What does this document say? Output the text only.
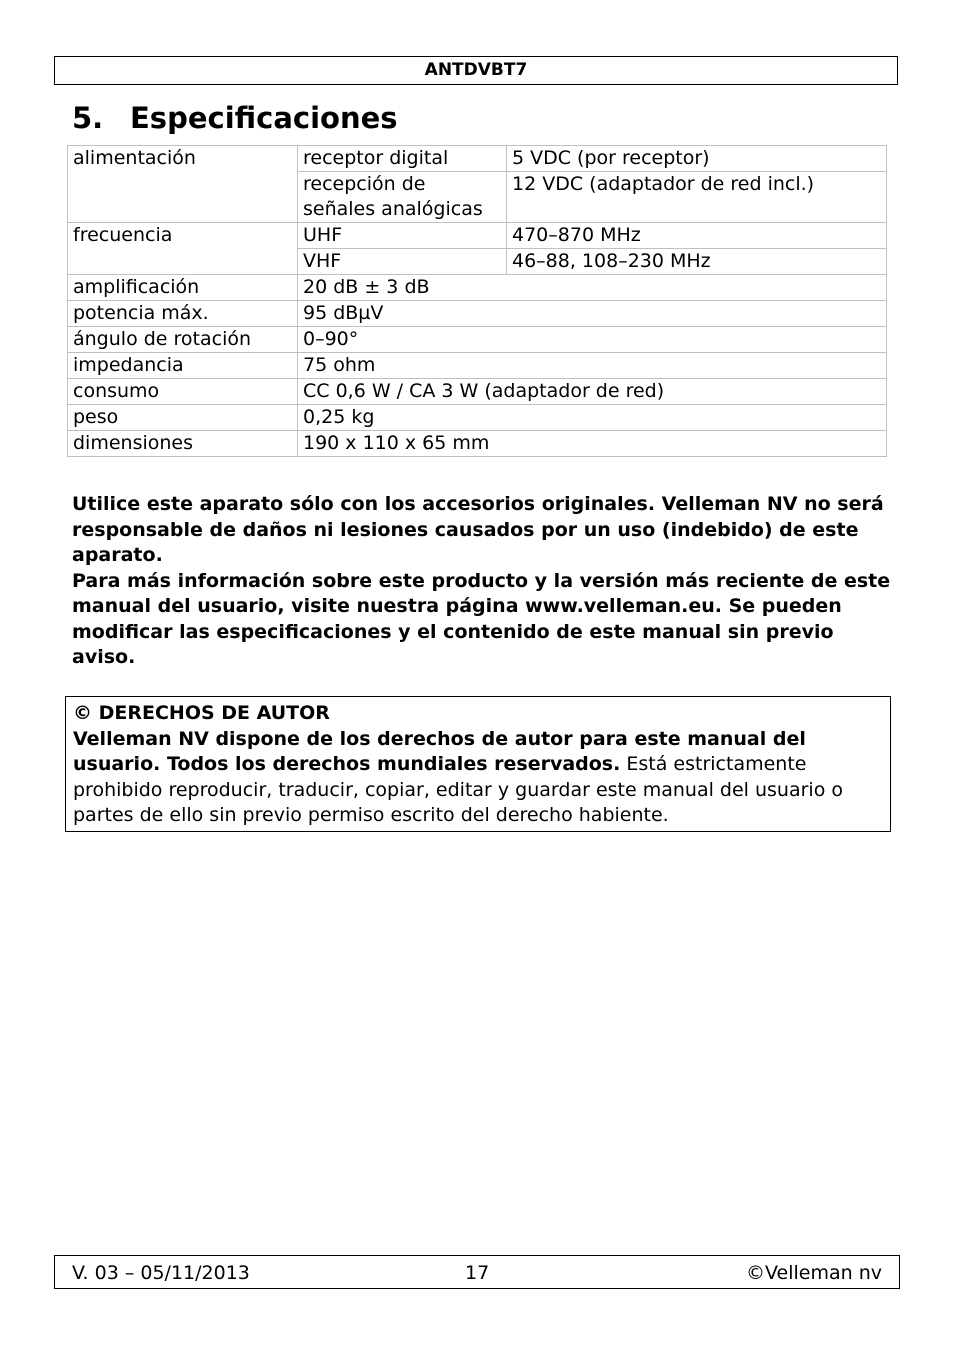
ANTDVBT7
5. Especificaciones
alimentación	receptor digital	5 VDC (por receptor)
	recepción de señales analógicas	12 VDC (adaptador de red incl.)
frecuencia	UHF	470–870 MHz
	VHF	46–88, 108–230 MHz
amplificación	20 dB ± 3 dB	
potencia máx.	95 dBµV	
ángulo de rotación	0–90°	
impedancia	75 ohm	
consumo	CC 0,6 W / CA 3 W (adaptador de red)	
peso	0,25 kg	
dimensiones	190 x 110 x 65 mm	

Utilice este aparato sólo con los accesorios originales. Velleman NV no será responsable de daños ni lesiones causados por un uso (indebido) de este aparato.

Para más información sobre este producto y la versión más reciente de este manual del usuario, visite nuestra página www.velleman.eu. Se pueden modificar las especificaciones y el contenido de este manual sin previo aviso.

© DERECHOS DE AUTOR

Velleman NV dispone de los derechos de autor para este manual del usuario. Todos los derechos mundiales reservados. Está estrictamente prohibido reproducir, traducir, copiar, editar y guardar este manual del usuario o partes de ello sin previo permiso escrito del derecho habiente.

V. 03 – 05/11/2013	17	©Velleman nv
